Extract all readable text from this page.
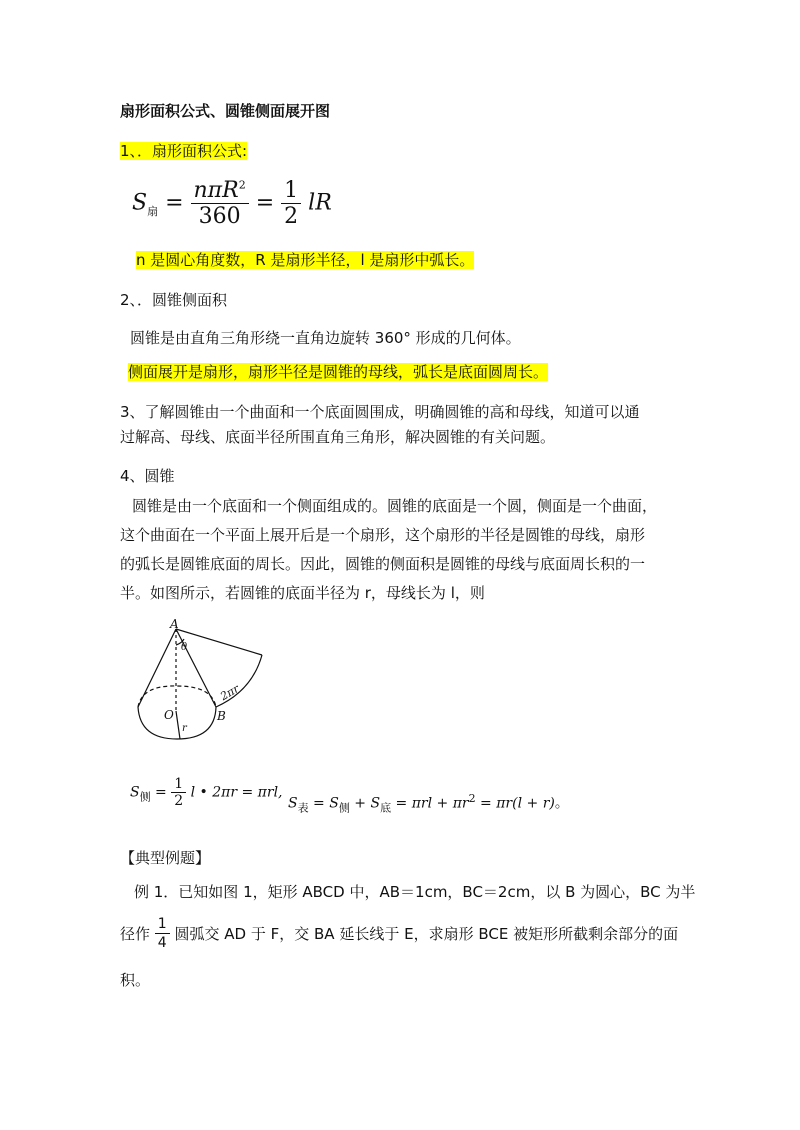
扇形面积公式、圆锥侧面展开图
1、．扇形面积公式:
$S_扇 = \frac{n\pi R^2}{360} = \frac{1}{2}$ lR
n 是圆心角度数，R 是扇形半径，l 是扇形中弧长。
2、．圆锥侧面积
圆锥是由直角三角形绕一直角边旋转 360° 形成的几何体。
侧面展开是扇形，扇形半径是圆锥的母线，弧长是底面圆周长。
3、了解圆锥由一个曲面和一个底面圆围成，明确圆锥的高和母线，知道可以通
过解高、母线、底面半径所围直角三角形，解决圆锥的有关问题。
4、圆锥
圆锥是由一个底面和一个侧面组成的。圆锥的底面是一个圆，侧面是一个曲面，
这个曲面在一个平面上展开后是一个扇形，这个扇形的半径是圆锥的母线，扇形
的弧长是圆锥底面的周长。因此，圆锥的侧面积是圆锥的母线与底面周长积的一
半。如图所示，若圆锥的底面半径为 r，母线长为 l，则
A
θ
2πr
O
r
B
$S_侧 = \frac{1}{2}$ l • 2πr = πrl,
$S_表 = S_侧 + S_底 = \pi rl + \pi r^2 = \pi r(l + r)$。
【典型例题】
例 1．已知如图 1，矩形 ABCD 中，AB＝1cm，BC＝2cm，以 B 为圆心，BC 为半
径作 $\frac{1}{4}$ 圆弧交 AD 于 F，交 BA 延长线于 E，求扇形 BCE 被矩形所截剩余部分的面
积。
